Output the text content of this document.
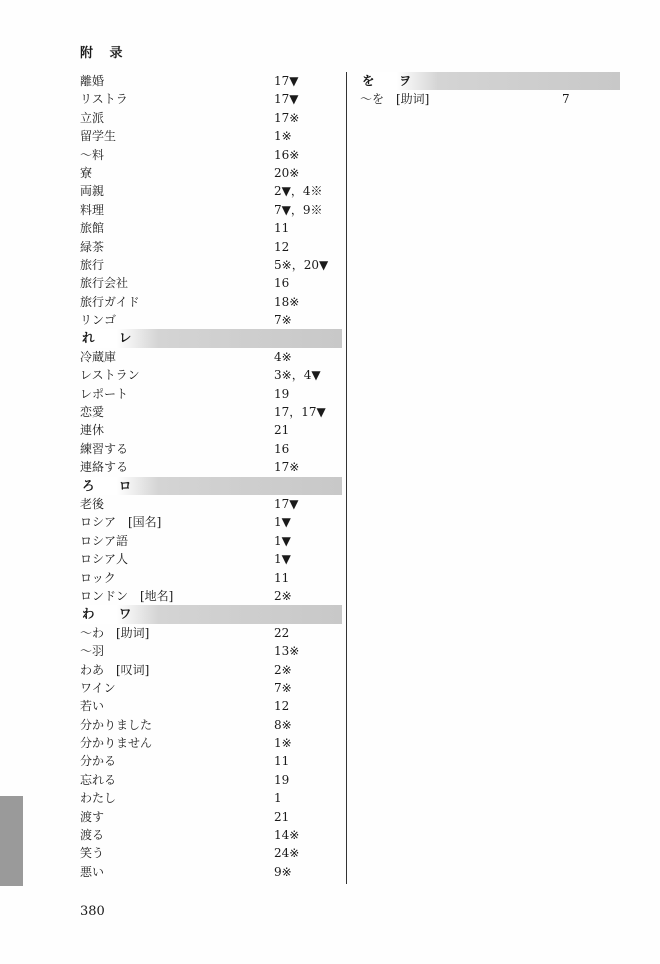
附 录
離婚	17▼
リストラ	17▼
立派	17※
留学生	1※
～料	16※
寮	20※
両親	2▼，4※
料理	7▼，9※
旅館	11
緑茶	12
旅行	5※，20▼
旅行会社	16
旅行ガイド	18※
リンゴ	7※
れ レ
冷蔵庫	4※
レストラン	3※，4▼
レポート	19
恋愛	17，17▼
連休	21
練習する	16
連絡する	17※
ろ ロ
老後	17▼
ロシア　[国名]	1▼
ロシア語	1▼
ロシア人	1▼
ロック	11
ロンドン　[地名]	2※
わ ワ
～わ　[助词]	22
～羽	13※
わあ　[叹词]	2※
ワイン	7※
若い	12
分かりました	8※
分かりません	1※
分かる	11
忘れる	19
わたし	1
渡す	21
渡る	14※
笑う	24※
悪い	9※
を ヲ
～を　[助词]	7
380
